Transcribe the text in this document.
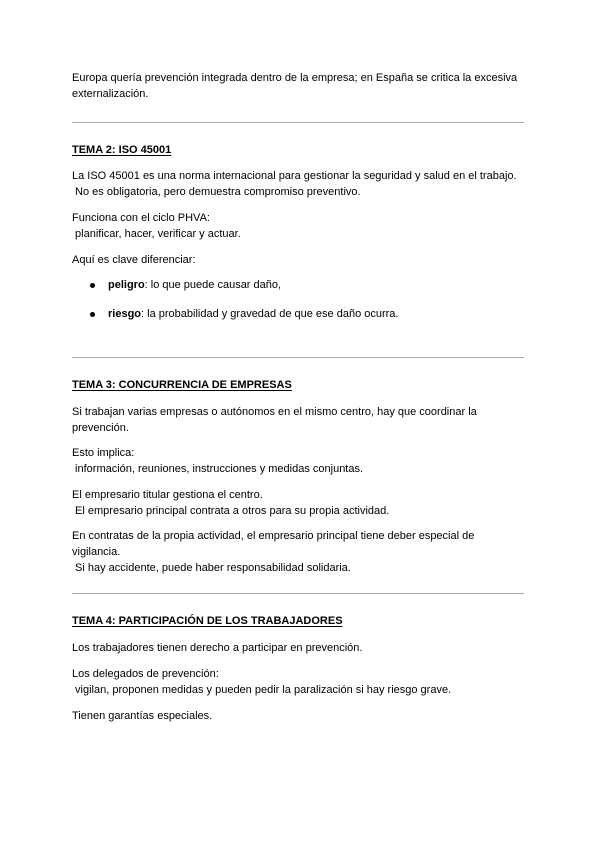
Europa quería prevención integrada dentro de la empresa; en España se critica la excesiva
externalización.

TEMA 2: ISO 45001

La ISO 45001 es una norma internacional para gestionar la seguridad y salud en el trabajo.
No es obligatoria, pero demuestra compromiso preventivo.

Funciona con el ciclo PHVA:
planificar, hacer, verificar y actuar.

Aquí es clave diferenciar:

peligro: lo que puede causar daño,
riesgo: la probabilidad y gravedad de que ese daño ocurra.

TEMA 3: CONCURRENCIA DE EMPRESAS

Si trabajan varias empresas o autónomos en el mismo centro, hay que coordinar la
prevención.

Esto implica:
información, reuniones, instrucciones y medidas conjuntas.

El empresario titular gestiona el centro.
El empresario principal contrata a otros para su propia actividad.

En contratas de la propia actividad, el empresario principal tiene deber especial de
vigilancia.
Si hay accidente, puede haber responsabilidad solidaria.

TEMA 4: PARTICIPACIÓN DE LOS TRABAJADORES

Los trabajadores tienen derecho a participar en prevención.

Los delegados de prevención:
vigilan, proponen medidas y pueden pedir la paralización si hay riesgo grave.

Tienen garantías especiales.
